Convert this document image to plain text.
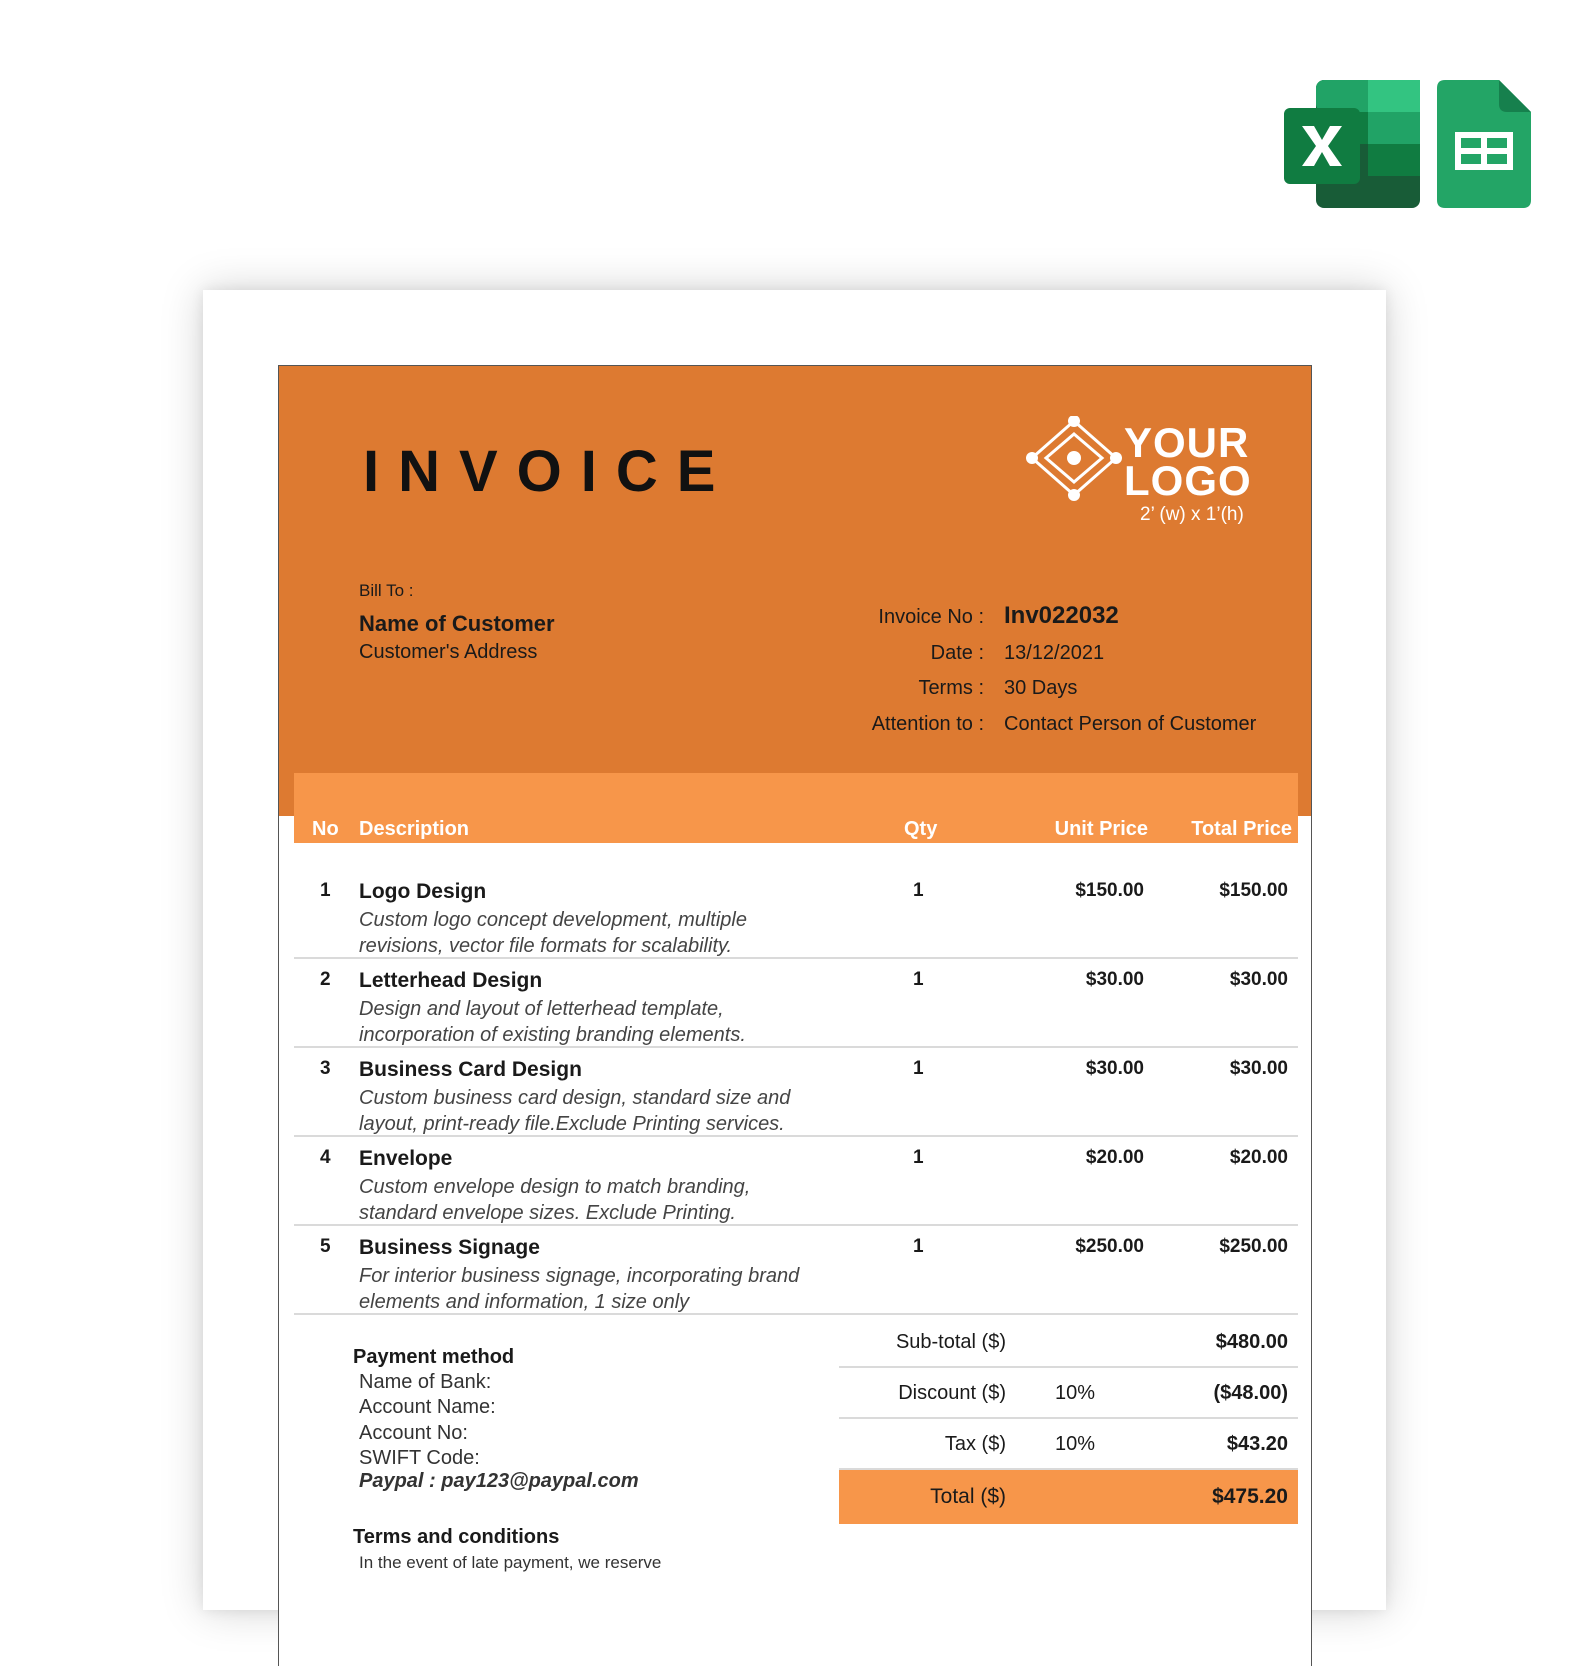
INVOICE	YOUR
LOGO
2’ (w) x 1’(h)
Bill To :
Name of Customer
Customer's Address
Invoice No : Inv022032
Date : 13/12/2021
Terms : 30 Days
Attention to : Contact Person of Customer
No Description	Qty	Unit Price Total Price
1 Logo Design
Custom logo concept development, multiple
revisions, vector file formats for scalability.
1	$150.00	$150.00
2 Letterhead Design
Design and layout of letterhead template,
incorporation of existing branding elements.
1	$30.00	$30.00
3 Business Card Design
Custom business card design, standard size and
layout, print-ready file.Exclude Printing services.
1	$30.00	$30.00
4 Envelope
Custom envelope design to match branding,
standard envelope sizes. Exclude Printing.
1	$20.00	$20.00
5 Business Signage
For interior business signage, incorporating brand
elements and information, 1 size only
1	$250.00	$250.00
Payment method
Name of Bank:
Account Name:
Account No:
SWIFT Code:
Paypal : pay123@paypal.com
Terms and conditions
In the event of late payment, we reserve
Sub-total ($)	$480.00
Discount ($) 10%	($48.00)
Tax ($) 10%	$43.20
Total ($)	$475.20
